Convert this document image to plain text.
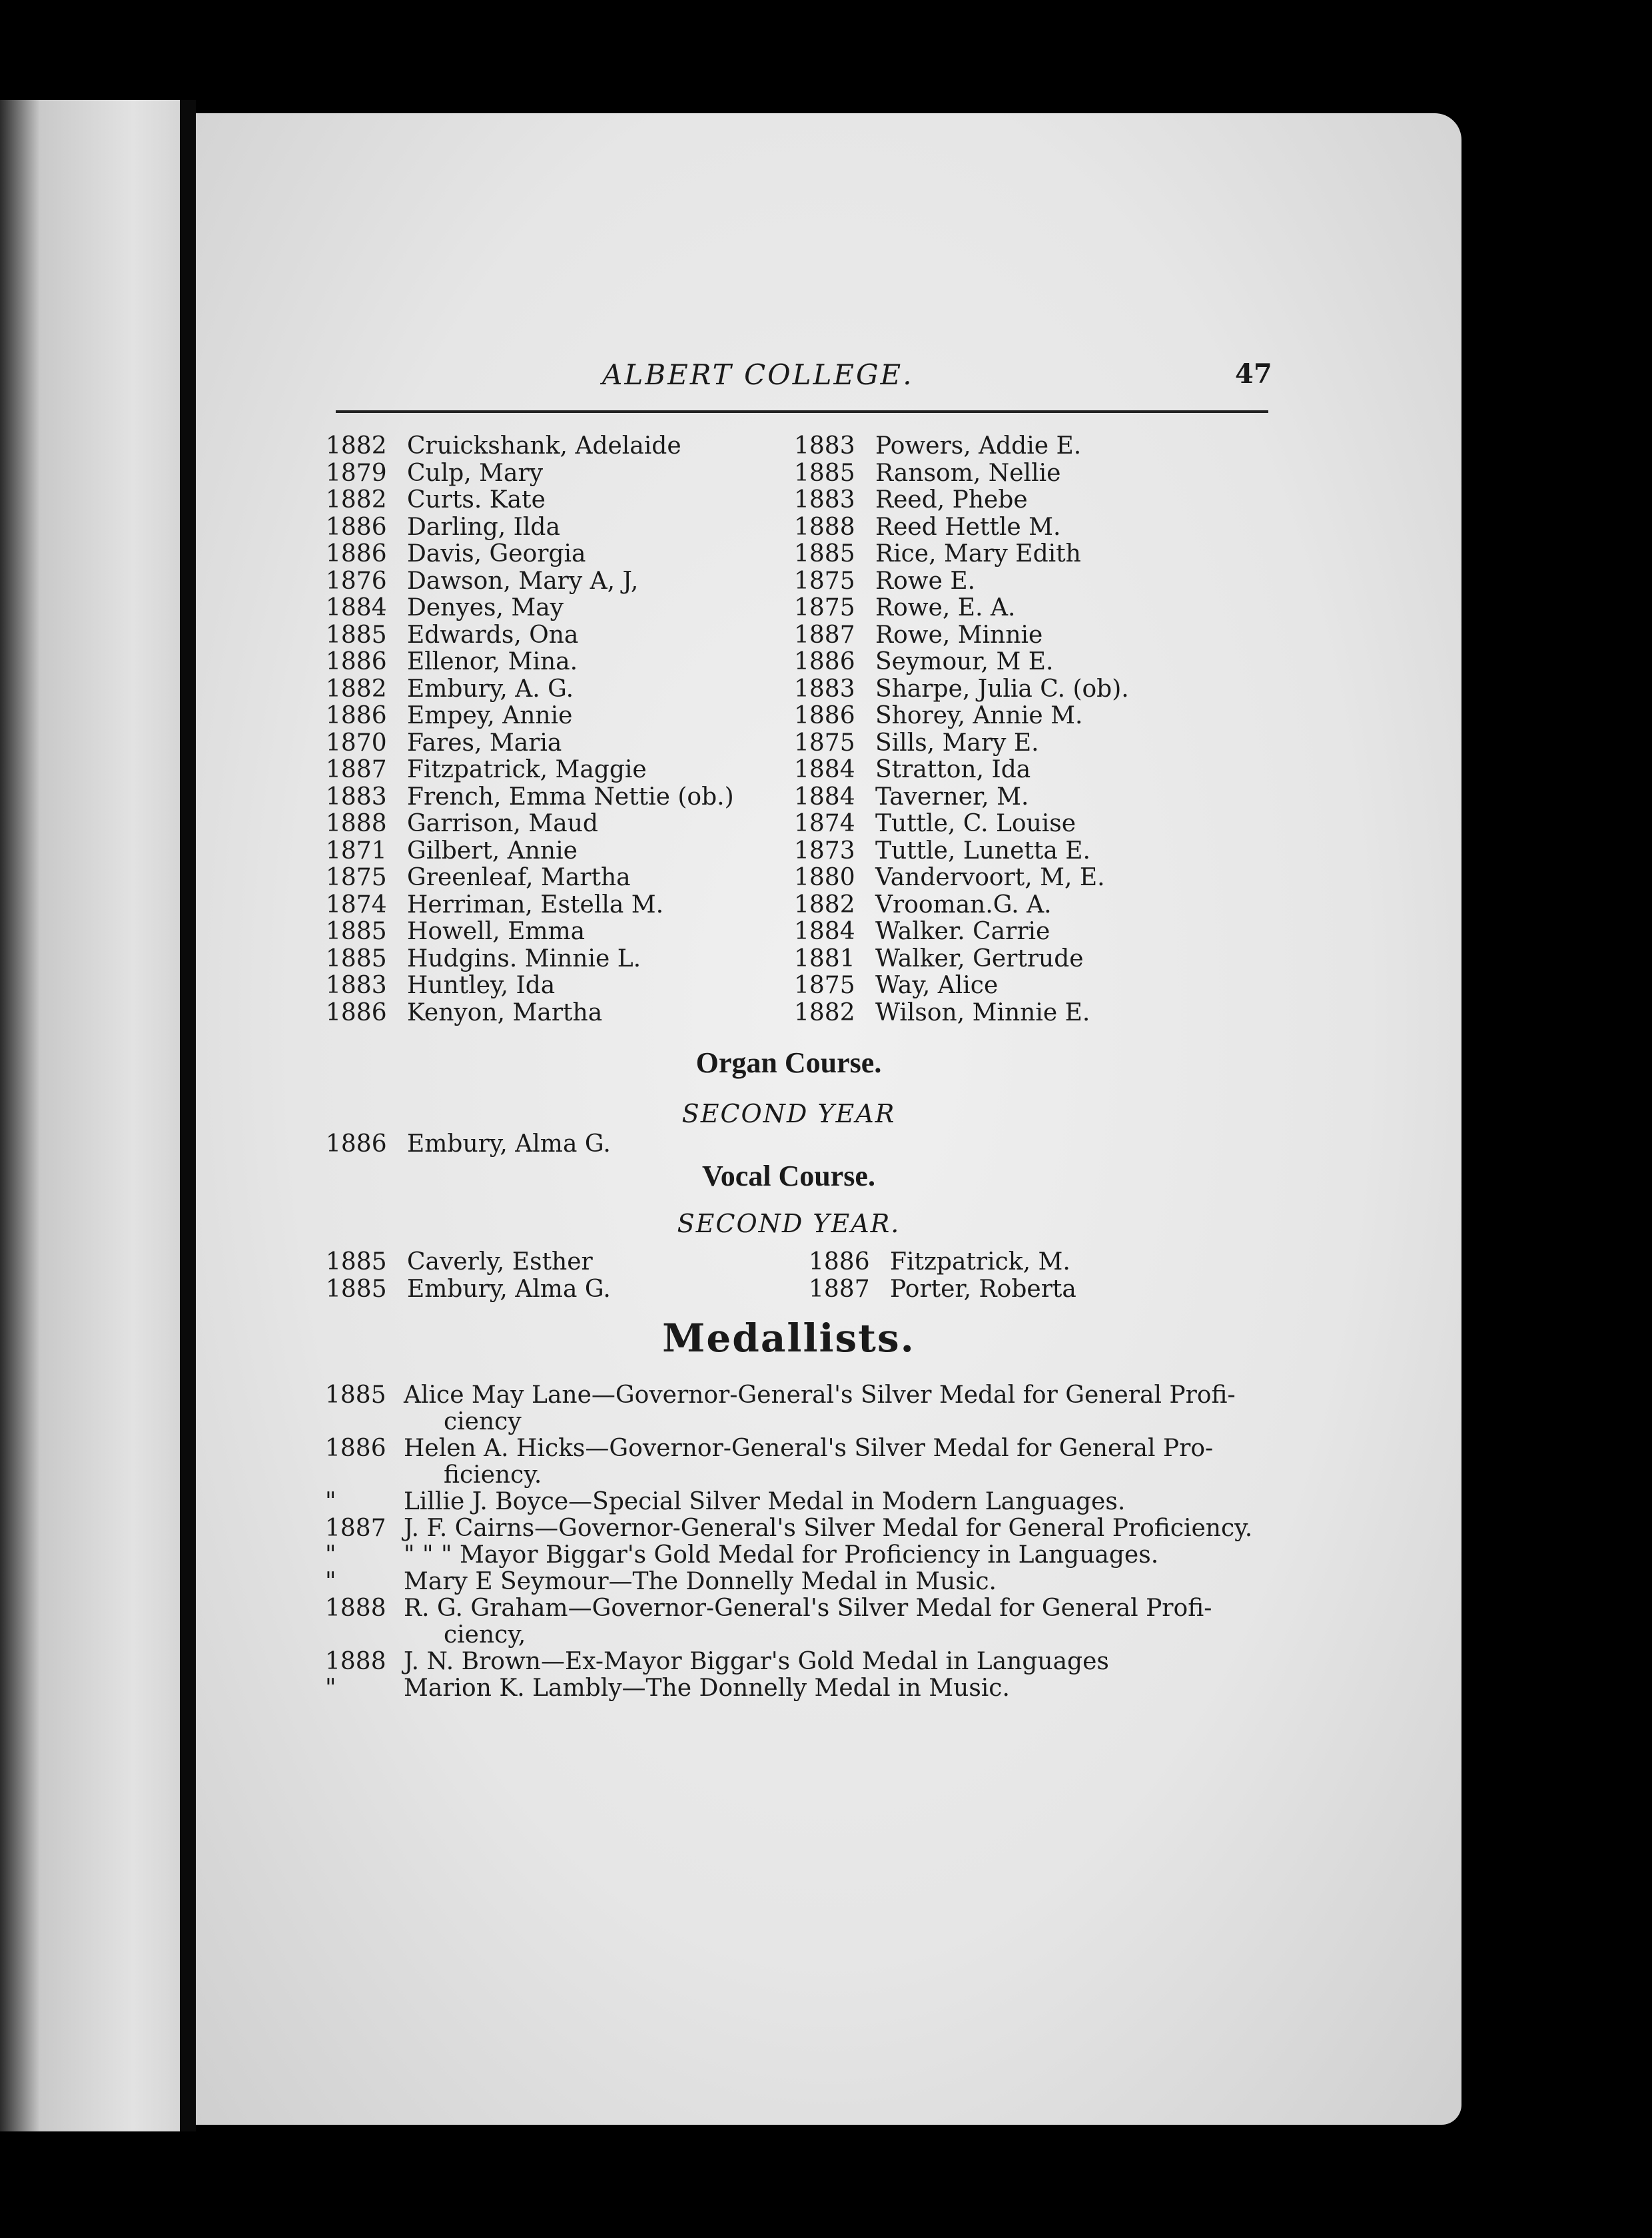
ALBERT COLLEGE.	47
1882 Cruickshank, Adelaide
1879 Culp, Mary
1882 Curts. Kate
1886 Darling, Ilda
1886 Davis, Georgia
1876 Dawson, Mary A, J,
1884 Denyes, May
1885 Edwards, Ona
1886 Ellenor, Mina.
1882 Embury, A. G.
1886 Empey, Annie
1870 Fares, Maria
1887 Fitzpatrick, Maggie
1883 French, Emma Nettie (ob.)
1888 Garrison, Maud
1871 Gilbert, Annie
1875 Greenleaf, Martha
1874 Herriman, Estella M.
1885 Howell, Emma
1885 Hudgins. Minnie L.
1883 Huntley, Ida
1886 Kenyon, Martha
1883 Powers, Addie E.
1885 Ransom, Nellie
1883 Reed, Phebe
1888 Reed Hettle M.
1885 Rice, Mary Edith
1875 Rowe E.
1875 Rowe, E. A.
1887 Rowe, Minnie
1886 Seymour, M E.
1883 Sharpe, Julia C. (ob).
1886 Shorey, Annie M.
1875 Sills, Mary E.
1884 Stratton, Ida
1884 Taverner, M.
1874 Tuttle, C. Louise
1873 Tuttle, Lunetta E.
1880 Vandervoort, M, E.
1882 Vrooman.G. A.
1884 Walker. Carrie
1881 Walker, Gertrude
1875 Way, Alice
1882 Wilson, Minnie E.
Organ Course.
SECOND YEAR
1886 Embury, Alma G.
Vocal Course.
SECOND YEAR.
1885 Caverly, Esther
1885 Embury, Alma G.
1886 Fitzpatrick, M.
1887 Porter, Roberta
Medallists.
1885 Alice May Lane—Governor-General's Silver Medal for General Profi-
ciency
1886 Helen A. Hicks—Governor-General's Silver Medal for General Pro-
ficiency.
"	Lillie J. Boyce—Special Silver Medal in Modern Languages.
1887 J. F. Cairns—Governor-General's Silver Medal for General Proficiency.
"	" " " Mayor Biggar's Gold Medal for Proficiency in Languages.
"	Mary E Seymour—The Donnelly Medal in Music.
1888 R. G. Graham—Governor-General's Silver Medal for General Profi-
ciency,
1888 J. N. Brown—Ex-Mayor Biggar's Gold Medal in Languages
"	Marion K. Lambly—The Donnelly Medal in Music.
